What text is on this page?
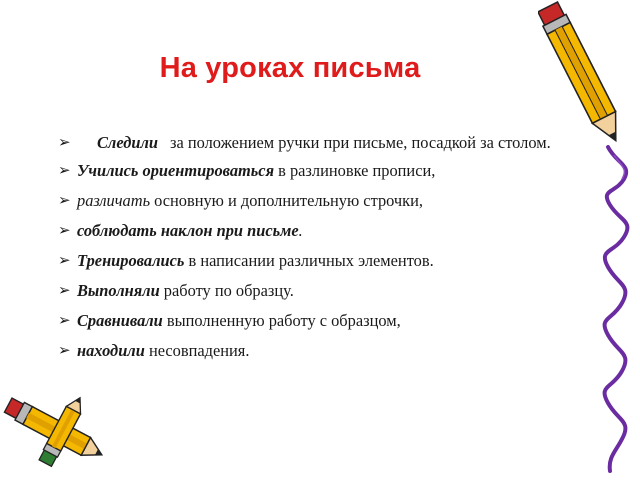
На уроках письма
➢ Следили за положением ручки при письме, посадкой за столом.
➢ Учились ориентироваться в разлиновке прописи,
➢ различать основную и дополнительную строчки,
➢ соблюдать наклон при письме.
➢ Тренировались в написании различных элементов.
➢ Выполняли работу по образцу.
➢ Сравнивали выполненную работу с образцом,
➢ находили несовпадения.
